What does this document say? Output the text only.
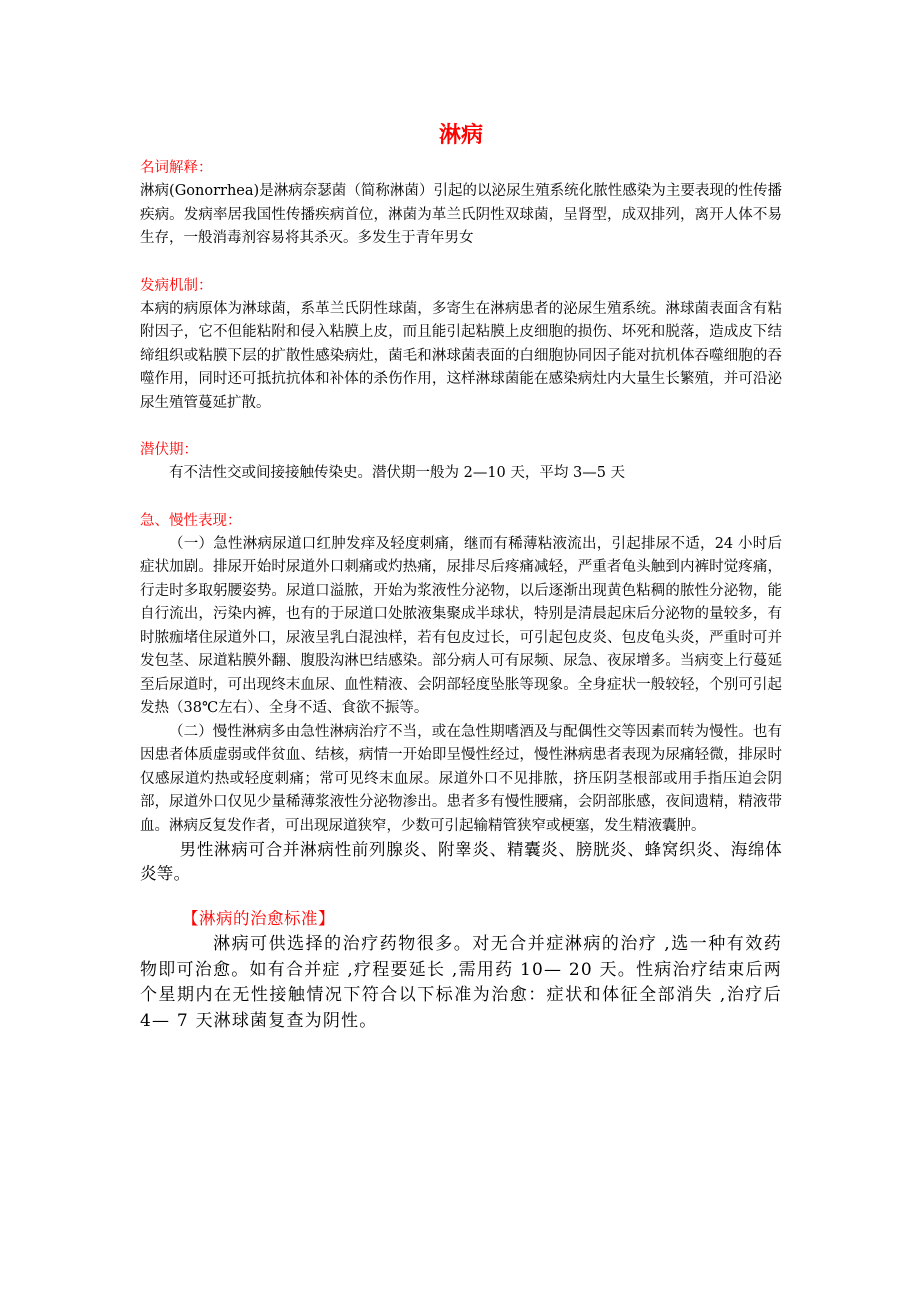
淋病

名词解释：

淋病(Gonorrhea)是淋病奈瑟菌（简称淋菌）引起的以泌尿生殖系统化脓性感染为主要表现的性传播疾病。发病率居我国性传播疾病首位，淋菌为革兰氏阴性双球菌，呈肾型，成双排列，离开人体不易生存，一般消毒剂容易将其杀灭。多发生于青年男女

发病机制：

本病的病原体为淋球菌，系革兰氏阴性球菌，多寄生在淋病患者的泌尿生殖系统。淋球菌表面含有粘附因子，它不但能粘附和侵入粘膜上皮，而且能引起粘膜上皮细胞的损伤、坏死和脱落，造成皮下结缔组织或粘膜下层的扩散性感染病灶，菌毛和淋球菌表面的白细胞协同因子能对抗机体吞噬细胞的吞噬作用，同时还可抵抗抗体和补体的杀伤作用，这样淋球菌能在感染病灶内大量生长繁殖，并可沿泌尿生殖管蔓延扩散。

潜伏期：

有不洁性交或间接接触传染史。潜伏期一般为 2—10 天，平均 3—5 天

急、慢性表现：

（一）急性淋病尿道口红肿发痒及轻度刺痛，继而有稀薄粘液流出，引起排尿不适，24 小时后症状加剧。排尿开始时尿道外口刺痛或灼热痛，尿排尽后疼痛减轻，严重者龟头触到内裤时觉疼痛，行走时多取躬腰姿势。尿道口溢脓，开始为浆液性分泌物，以后逐渐出现黄色粘稠的脓性分泌物，能自行流出，污染内裤，也有的于尿道口处脓液集聚成半球状，特别是清晨起床后分泌物的量较多，有时脓痂堵住尿道外口，尿液呈乳白混浊样，若有包皮过长，可引起包皮炎、包皮龟头炎，严重时可并发包茎、尿道粘膜外翻、腹股沟淋巴结感染。部分病人可有尿频、尿急、夜尿增多。当病变上行蔓延至后尿道时，可出现终末血尿、血性精液、会阴部轻度坠胀等现象。全身症状一般较轻，个别可引起发热（38℃左右）、全身不适、食欲不振等。

（二）慢性淋病多由急性淋病治疗不当，或在急性期嗜酒及与配偶性交等因素而转为慢性。也有因患者体质虚弱或伴贫血、结核，病情一开始即呈慢性经过，慢性淋病患者表现为尿痛轻微，排尿时仅感尿道灼热或轻度刺痛；常可见终末血尿。尿道外口不见排脓，挤压阴茎根部或用手指压迫会阴部，尿道外口仅见少量稀薄浆液性分泌物渗出。患者多有慢性腰痛，会阴部胀感，夜间遗精，精液带血。淋病反复发作者，可出现尿道狭窄，少数可引起输精管狭窄或梗塞，发生精液囊肿。

男性淋病可合并淋病性前列腺炎、附睾炎、精囊炎、膀胱炎、蜂窝织炎、海绵体炎等。

【淋病的治愈标准】

淋病可供选择的治疗药物很多。对无合并症淋病的治疗 ,选一种有效药物即可治愈。如有合并症 ,疗程要延长 ,需用药 10— 20 天。性病治疗结束后两个星期内在无性接触情况下符合以下标准为治愈：症状和体征全部消失 ,治疗后 4— 7 天淋球菌复查为阴性。
